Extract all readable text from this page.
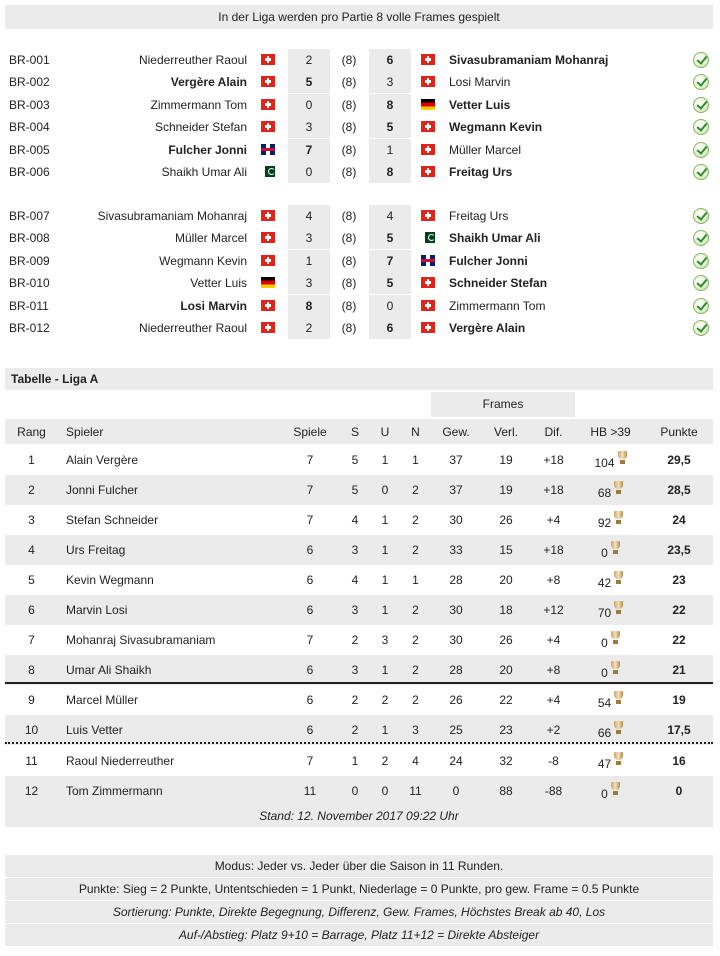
In der Liga werden pro Partie 8 volle Frames gespielt
BR-001	Niederreuther Raoul	2	(8)	6	Sivasubramaniam Mohanraj
BR-002	Vergère Alain	5	(8)	3	Losi Marvin
BR-003	Zimmermann Tom	0	(8)	8	Vetter Luis
BR-004	Schneider Stefan	3	(8)	5	Wegmann Kevin
BR-005	Fulcher Jonni	7	(8)	1	Müller Marcel
BR-006	Shaikh Umar Ali	0	(8)	8	Freitag Urs
BR-007	Sivasubramaniam Mohanraj	4	(8)	4	Freitag Urs
BR-008	Müller Marcel	3	(8)	5	Shaikh Umar Ali
BR-009	Wegmann Kevin	1	(8)	7	Fulcher Jonni
BR-010	Vetter Luis	3	(8)	5	Schneider Stefan
BR-011	Losi Marvin	8	(8)	0	Zimmermann Tom
BR-012	Niederreuther Raoul	2	(8)	6	Vergère Alain
Tabelle - Liga A
Frames
Rang	Spieler	Spiele	S	U	N	Gew.	Verl.	Dif.	HB >39	Punkte
1	Alain Vergère	7	5	1	1	37	19	+18	104	29,5
2	Jonni Fulcher	7	5	0	2	37	19	+18	68	28,5
3	Stefan Schneider	7	4	1	2	30	26	+4	92	24
4	Urs Freitag	6	3	1	2	33	15	+18	0	23,5
5	Kevin Wegmann	6	4	1	1	28	20	+8	42	23
6	Marvin Losi	6	3	1	2	30	18	+12	70	22
7	Mohanraj Sivasubramaniam	7	2	3	2	30	26	+4	0	22
8	Umar Ali Shaikh	6	3	1	2	28	20	+8	0	21
9	Marcel Müller	6	2	2	2	26	22	+4	54	19
10	Luis Vetter	6	2	1	3	25	23	+2	66	17,5
11	Raoul Niederreuther	7	1	2	4	24	32	-8	47	16
12	Tom Zimmermann	11	0	0	11	0	88	-88	0	0
Stand: 12. November 2017 09:22 Uhr
Modus: Jeder vs. Jeder über die Saison in 11 Runden.
Punkte: Sieg = 2 Punkte, Untentschieden = 1 Punkt, Niederlage = 0 Punkte, pro gew. Frame = 0.5 Punkte
Sortierung: Punkte, Direkte Begegnung, Differenz, Gew. Frames, Höchstes Break ab 40, Los
Auf-/Abstieg: Platz 9+10 = Barrage, Platz 11+12 = Direkte Absteiger
